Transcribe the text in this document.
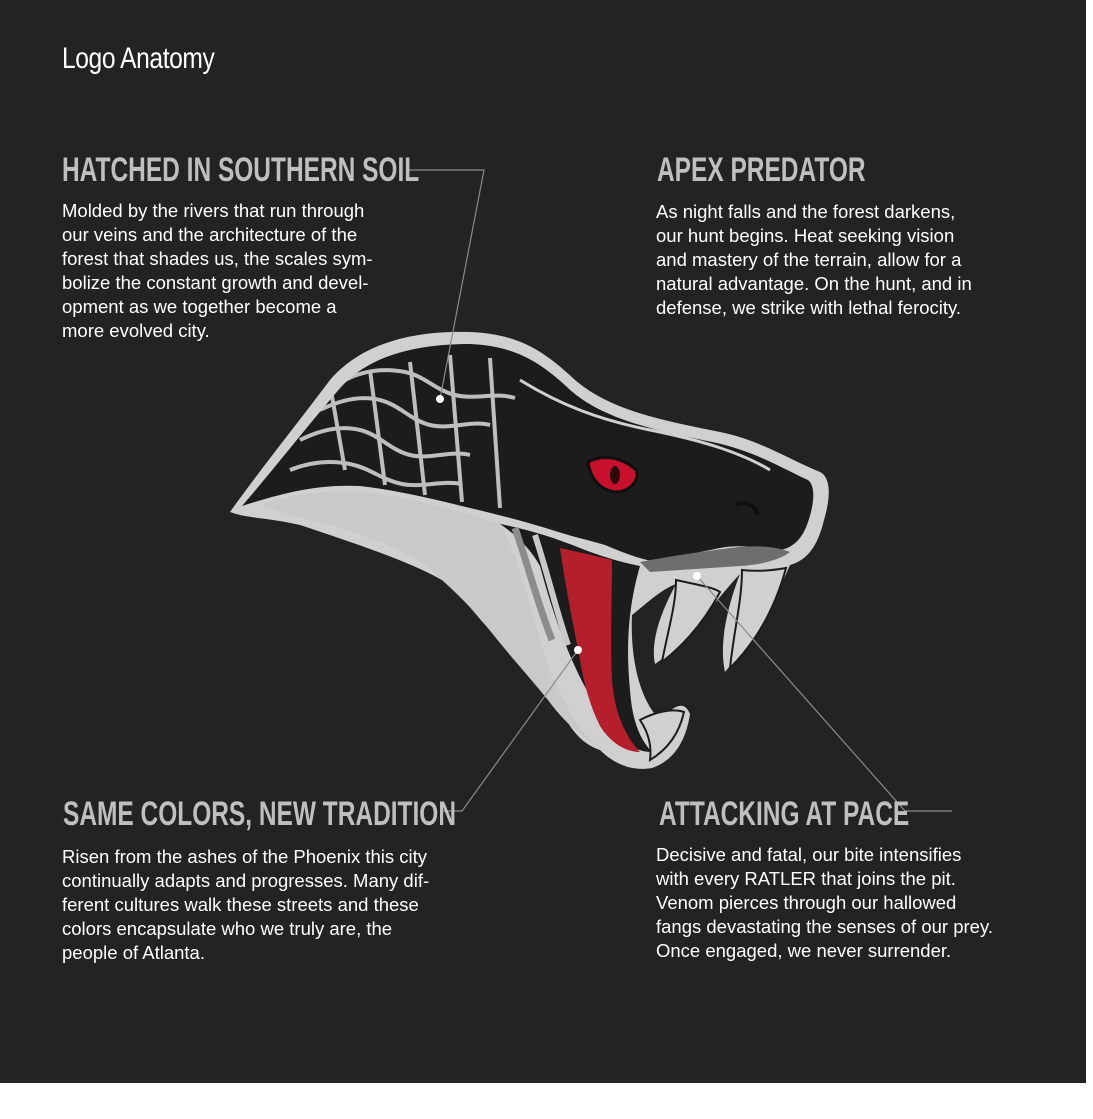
Logo Anatomy
HATCHED IN SOUTHERN SOIL

Molded by the rivers that run through
our veins and the architecture of the
forest that shades us, the scales sym-
bolize the constant growth and devel-
opment as we together become a
more evolved city.

APEX PREDATOR

As night falls and the forest darkens,
our hunt begins. Heat seeking vision
and mastery of the terrain, allow for a
natural advantage. On the hunt, and in
defense, we strike with lethal ferocity.

SAME COLORS, NEW TRADITION

Risen from the ashes of the Phoenix this city
continually adapts and progresses. Many dif-
ferent cultures walk these streets and these
colors encapsulate who we truly are, the
people of Atlanta.

ATTACKING AT PACE

Decisive and fatal, our bite intensifies
with every RATLER that joins the pit.
Venom pierces through our hallowed
fangs devastating the senses of our prey.
Once engaged, we never surrender.
